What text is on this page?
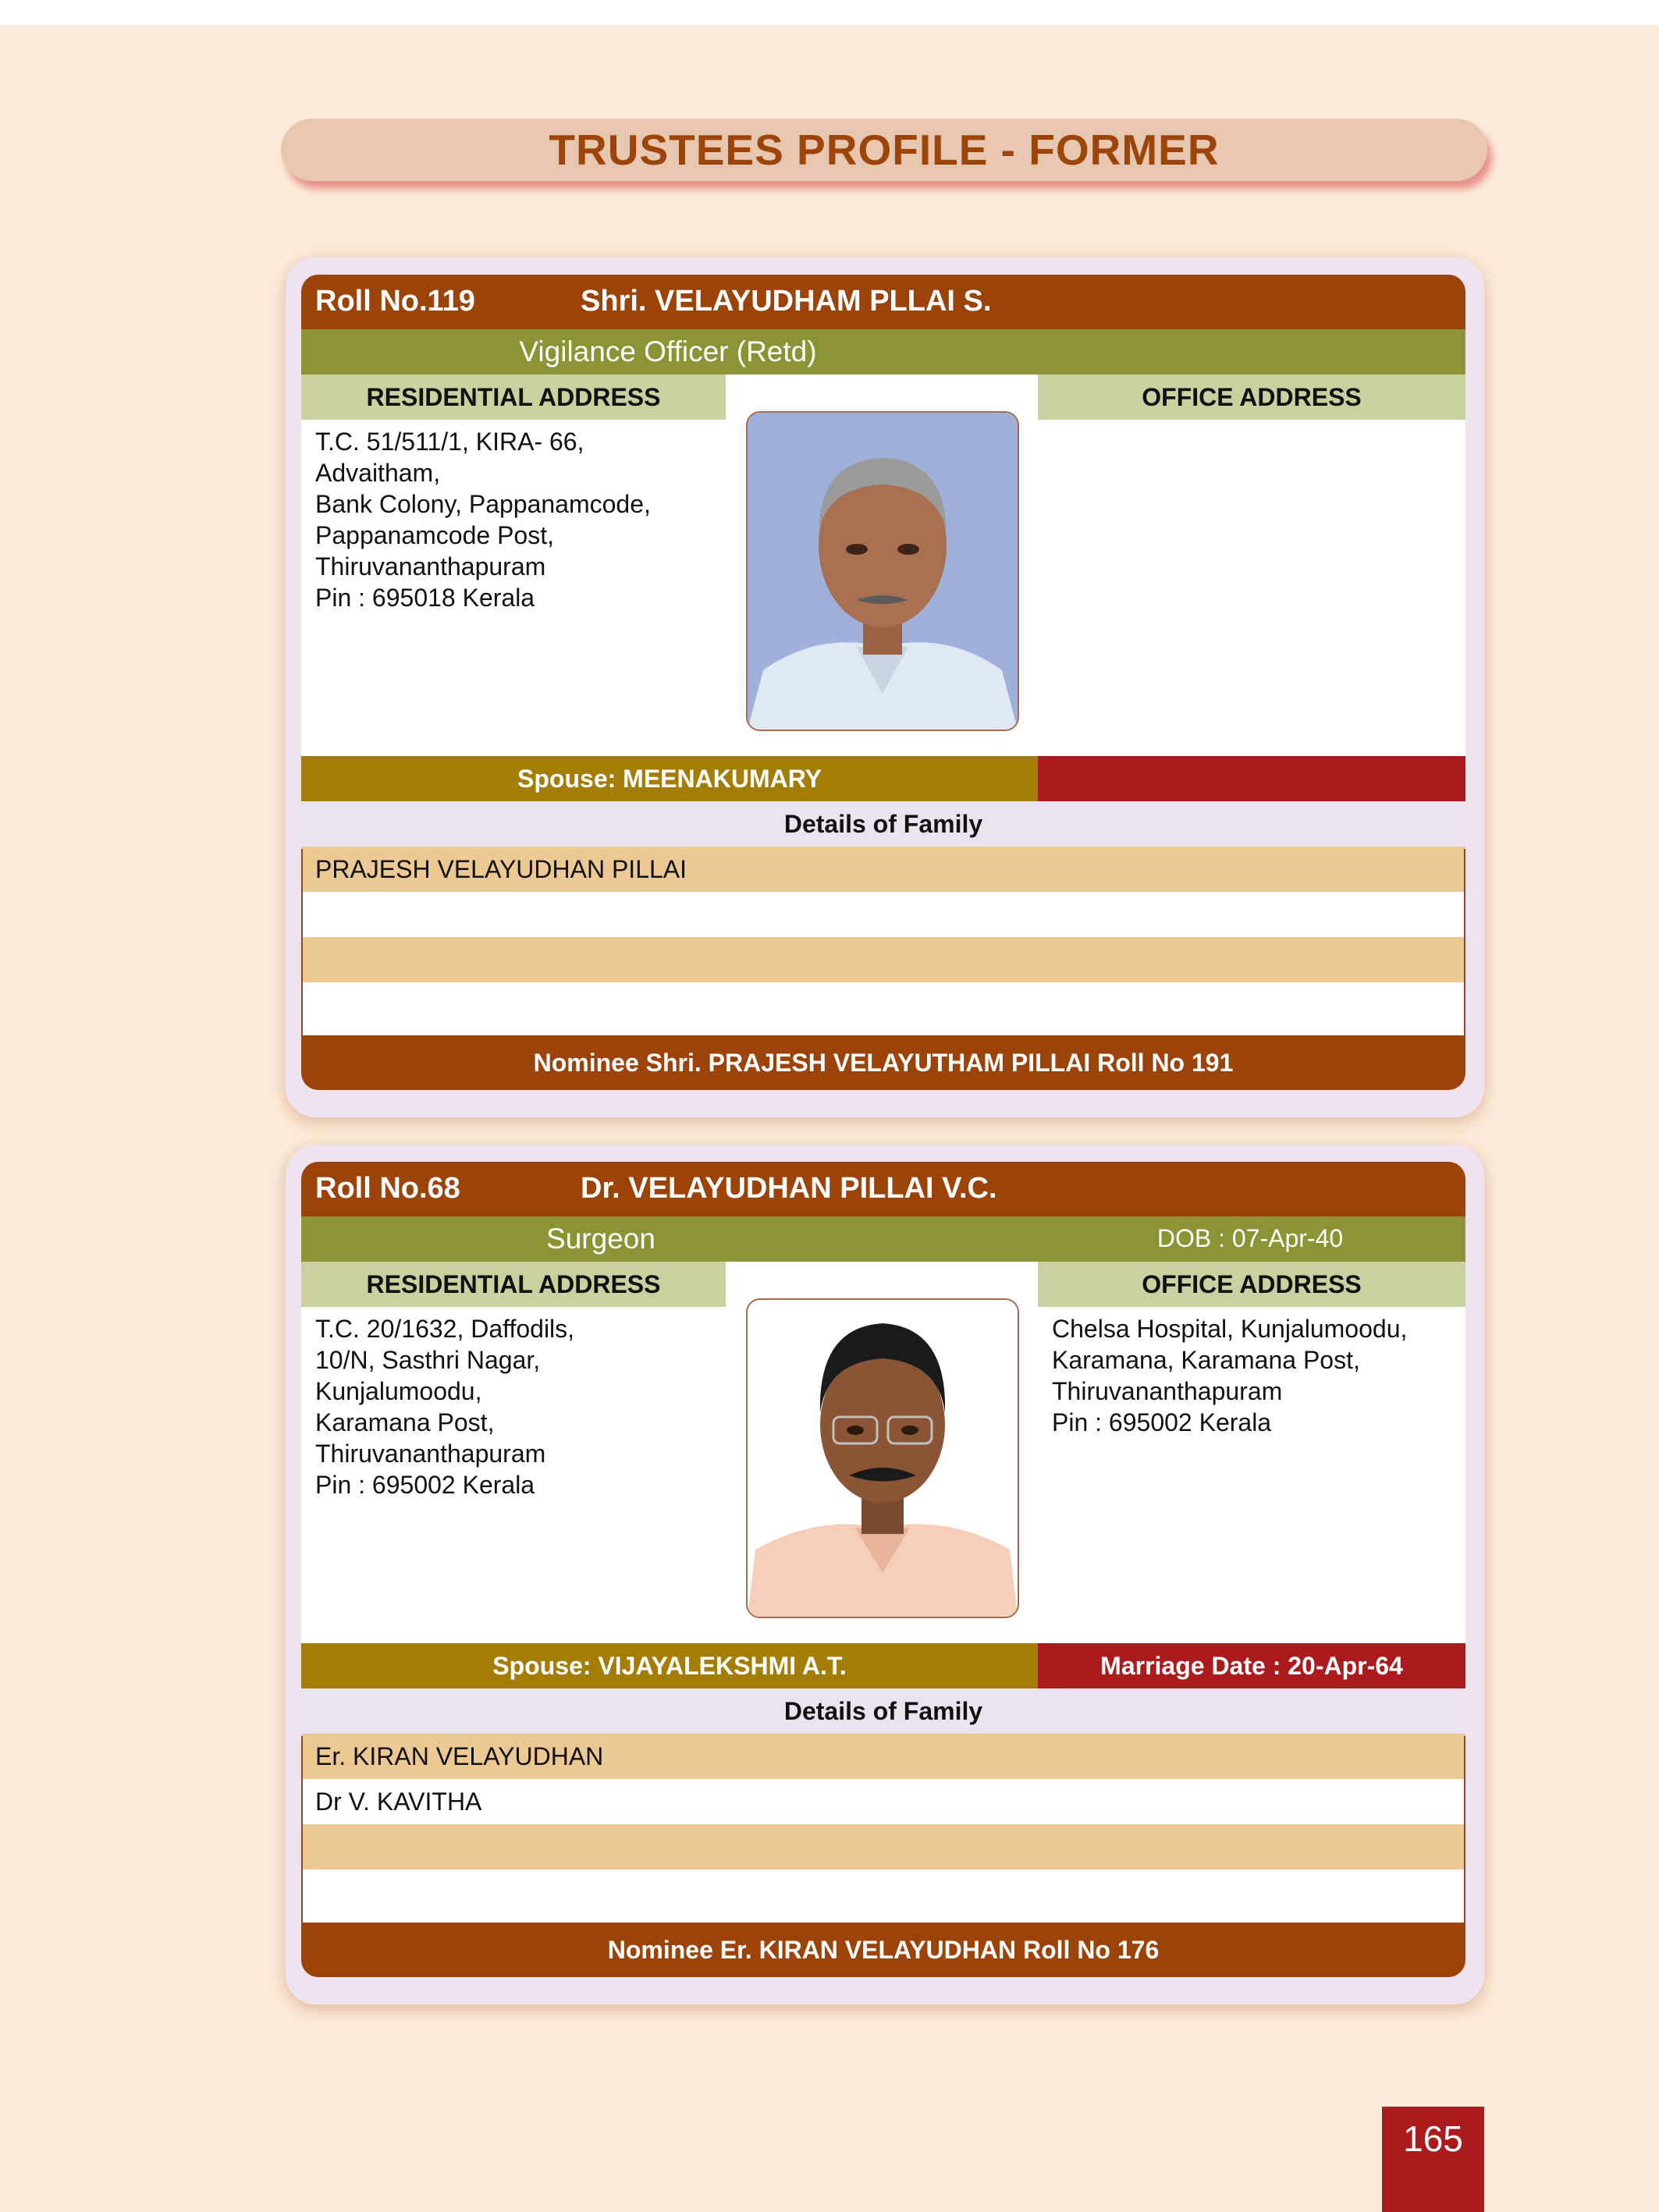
TRUSTEES PROFILE - FORMER
Roll No.119	Shri. VELAYUDHAM PLLAI S.
Vigilance Officer (Retd)
RESIDENTIAL ADDRESS	OFFICE ADDRESS
T.C. 51/511/1, KIRA- 66,
Advaitham,
Bank Colony, Pappanamcode,
Pappanamcode Post,
Thiruvananthapuram
Pin : 695018 Kerala
Spouse: MEENAKUMARY
Details of Family
PRAJESH VELAYUDHAN PILLAI
Nominee Shri. PRAJESH VELAYUTHAM PILLAI Roll No 191
Roll No.68	Dr. VELAYUDHAN PILLAI V.C.
Surgeon	DOB : 07-Apr-40
RESIDENTIAL ADDRESS	OFFICE ADDRESS
T.C. 20/1632, Daffodils,
10/N, Sasthri Nagar,
Kunjalumoodu,
Karamana Post,
Thiruvananthapuram
Pin : 695002 Kerala
Chelsa Hospital, Kunjalumoodu,
Karamana, Karamana Post,
Thiruvananthapuram
Pin : 695002 Kerala
Spouse: VIJAYALEKSHMI A.T.	Marriage Date : 20-Apr-64
Details of Family
Er. KIRAN VELAYUDHAN
Dr V. KAVITHA
Nominee Er. KIRAN VELAYUDHAN Roll No 176
165
